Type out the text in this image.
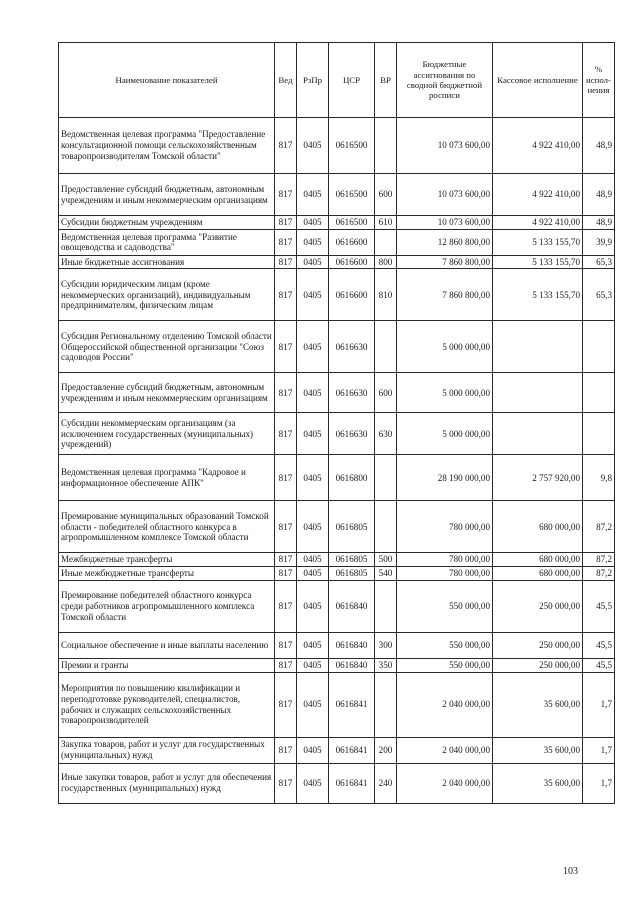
Наименование показателей	Вед	РзПр	ЦСР	ВР	Бюджетные ассигнования по сводной бюджетной росписи	Кассовое исполнение	% испол-нения
Ведомственная целевая программа "Предоставление консультационной помощи сельскохозяйственным товаропроизводителям Томской области"	817	0405	0616500		10 073 600,00	4 922 410,00	48,9
Предоставление субсидий бюджетным, автономным учреждениям и иным некоммерческим организациям	817	0405	0616500	600	10 073 600,00	4 922 410,00	48,9
Субсидии бюджетным учреждениям	817	0405	0616500	610	10 073 600,00	4 922 410,00	48,9
Ведомственная целевая программа "Развитие овощеводства и садоводства"	817	0405	0616600		12 860 800,00	5 133 155,70	39,9
Иные бюджетные ассигнования	817	0405	0616600	800	7 860 800,00	5 133 155,70	65,3
Субсидии юридическим лицам (кроме некоммерческих организаций), индивидуальным предпринимателям, физическим лицам	817	0405	0616600	810	7 860 800,00	5 133 155,70	65,3
Субсидия Региональному отделению Томской области Общероссийской общественной организации "Союз садоводов России"	817	0405	0616630		5 000 000,00		
Предоставление субсидий бюджетным, автономным учреждениям и иным некоммерческим организациям	817	0405	0616630	600	5 000 000,00		
Субсидии некоммерческим организациям (за исключением государственных (муниципальных) учреждений)	817	0405	0616630	630	5 000 000,00		
Ведомственная целевая программа "Кадровое и информационное обеспечение АПК"	817	0405	0616800		28 190 000,00	2 757 920,00	9,8
Премирование муниципальных образований Томской области - победителей областного конкурса в агропромышленном комплексе Томской области	817	0405	0616805		780 000,00	680 000,00	87,2
Межбюджетные трансферты	817	0405	0616805	500	780 000,00	680 000,00	87,2
Иные межбюджетные трансферты	817	0405	0616805	540	780 000,00	680 000,00	87,2
Премирование победителей областного конкурса среди работников агропромышленного комплекса Томской области	817	0405	0616840		550 000,00	250 000,00	45,5
Социальное обеспечение и иные выплаты населению	817	0405	0616840	300	550 000,00	250 000,00	45,5
Премии и гранты	817	0405	0616840	350	550 000,00	250 000,00	45,5
Мероприятия по повышению квалификации и переподготовке руководителей, специалистов, рабочих и служащих сельскохозяйственных товаропроизводителей	817	0405	0616841		2 040 000,00	35 600,00	1,7
Закупка товаров, работ и услуг для государственных (муниципальных) нужд	817	0405	0616841	200	2 040 000,00	35 600,00	1,7
Иные закупки товаров, работ и услуг для обеспечения государственных (муниципальных) нужд	817	0405	0616841	240	2 040 000,00	35 600,00	1,7
103
